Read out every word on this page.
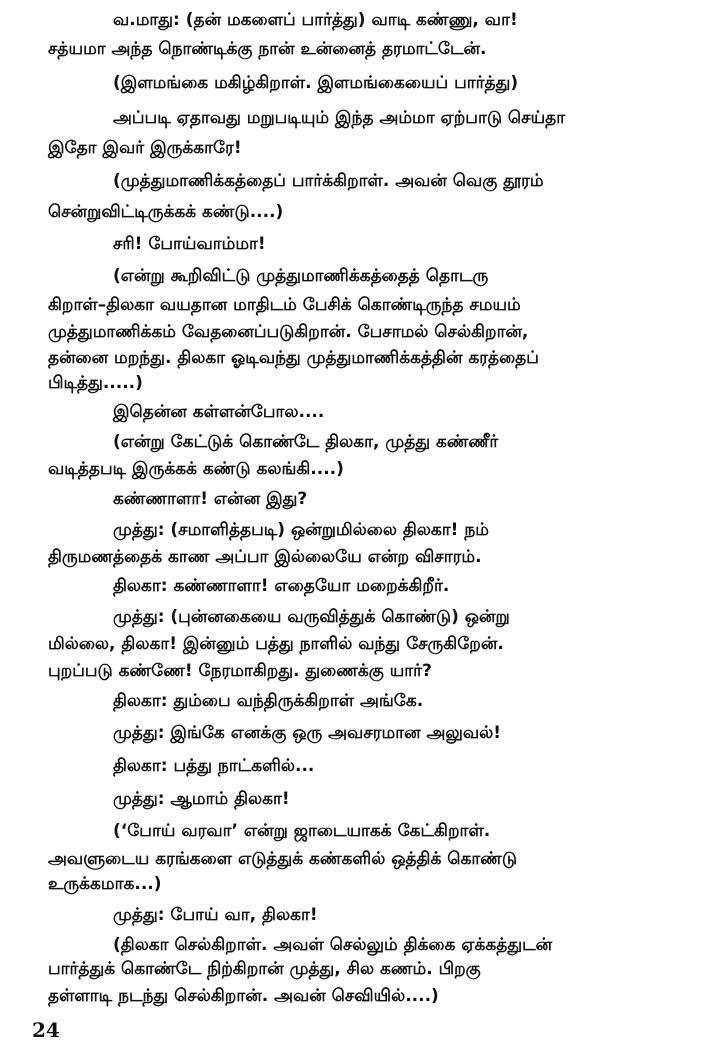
வ.மாது: (தன் மகளைப் பார்த்து) வாடி கண்ணு, வா!
சத்யமா அந்த நொண்டிக்கு நான் உன்னைத் தரமாட்டேன்.
(இளமங்கை மகிழ்கிறாள். இளமங்கையைப் பார்த்து)
அப்படி ஏதாவது மறுபடியும் இந்த அம்மா ஏற்பாடு செய்தா
இதோ இவர் இருக்காரே!
(முத்துமாணிக்கத்தைப் பார்க்கிறாள். அவன் வெகு தூரம்
சென்றுவிட்டிருக்கக் கண்டு....)
சரி! போய்வாம்மா!
(என்று கூறிவிட்டு முத்துமாணிக்கத்தைத் தொடரு
கிறாள்–திலகா வயதான மாதிடம் பேசிக் கொண்டிருந்த சமயம்
முத்துமாணிக்கம் வேதனைப்படுகிறான். பேசாமல் செல்கிறான்,
தன்னை மறந்து. திலகா ஓடிவந்து முத்துமாணிக்கத்தின் கரத்தைப்
பிடித்து.....)
இதென்ன கள்ளன்போல....
(என்று கேட்டுக் கொண்டே திலகா, முத்து கண்ணீர்
வடித்தபடி இருக்கக் கண்டு கலங்கி....)
கண்ணாளா! என்ன இது?
முத்து: (சமாளித்தபடி) ஒன்றுமில்லை திலகா! நம்
திருமணத்தைக் காண அப்பா இல்லையே என்ற விசாரம்.
திலகா: கண்ணாளா! எதையோ மறைக்கிறீர்.
முத்து: (புன்னகையை வருவித்துக் கொண்டு) ஒன்று
மில்லை, திலகா! இன்னும் பத்து நாளில் வந்து சேருகிறேன்.
புறப்படு கண்ணே! நேரமாகிறது. துணைக்கு யார்?
திலகா: தும்பை வந்திருக்கிறாள் அங்கே.
முத்து: இங்கே எனக்கு ஒரு அவசரமான அலுவல்!
திலகா: பத்து நாட்களில்...
முத்து: ஆமாம் திலகா!
(‘போய் வரவா’ என்று ஜாடையாகக் கேட்கிறாள்.
அவளுடைய கரங்களை எடுத்துக் கண்களில் ஒத்திக் கொண்டு
உருக்கமாக...)
முத்து: போய் வா, திலகா!
(திலகா செல்கிறாள். அவள் செல்லும் திக்கை ஏக்கத்துடன்
பார்த்துக் கொண்டே நிற்கிறான் முத்து, சில கணம். பிறகு
தள்ளாடி நடந்து செல்கிறான். அவன் செவியில்....)
24
